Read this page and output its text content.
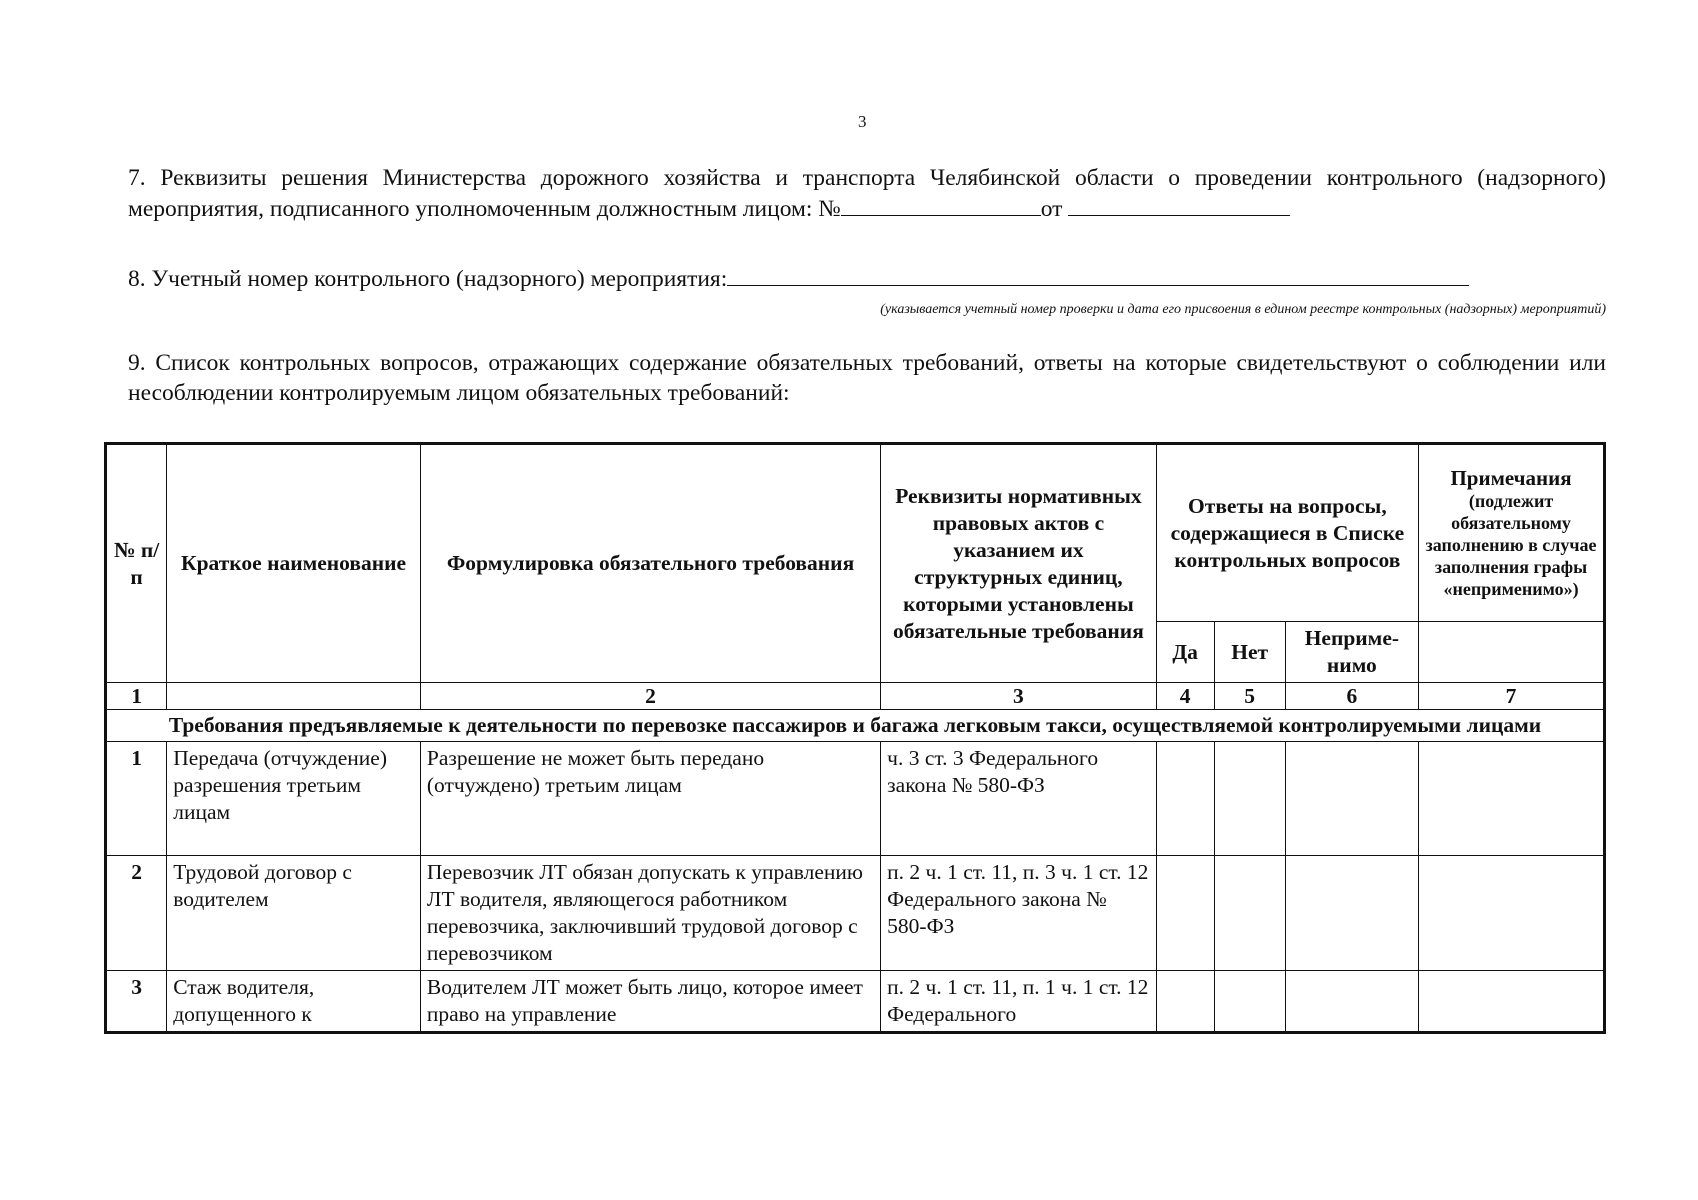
3
7. Реквизиты решения Министерства дорожного хозяйства и транспорта Челябинской области о проведении контрольного (надзорного) мероприятия, подписанного уполномоченным должностным лицом: №	от
8. Учетный номер контрольного (надзорного) мероприятия:
(указывается учетный номер проверки и дата его присвоения в едином реестре контрольных (надзорных) мероприятий)
9. Список контрольных вопросов, отражающих содержание обязательных требований, ответы на которые свидетельствуют о соблюдении или несоблюдении контролируемым лицом обязательных требований:
№ п/п	Краткое наименование	Формулировка обязательного требования	Реквизиты нормативных правовых актов с указанием их структурных единиц, которыми установлены обязательные требования	Ответы на вопросы, содержащиеся в Списке контрольных вопросов			Примечания
(подлежит обязательному заполнению в случае заполнения графы «неприменимо»)
				Да	Нет	Неприме-нимо	
1		2	3	4	5	6	7
Требования предъявляемые к деятельности по перевозке пассажиров и багажа легковым такси, осуществляемой контролируемыми лицами							
1	Передача (отчуждение) разрешения третьим лицам	Разрешение не может быть передано (отчуждено) третьим лицам	ч. 3 ст. 3 Федерального закона № 580-ФЗ				
2	Трудовой договор с водителем	Перевозчик ЛТ обязан допускать к управлению ЛТ водителя, являющегося работником перевозчика, заключивший трудовой договор с перевозчиком	п. 2 ч. 1 ст. 11, п. 3 ч. 1 ст. 12 Федерального закона № 580-ФЗ				
3	Стаж водителя, допущенного к	Водителем ЛТ может быть лицо, которое имеет право на управление	п. 2 ч. 1 ст. 11, п. 1 ч. 1 ст. 12 Федерального				
